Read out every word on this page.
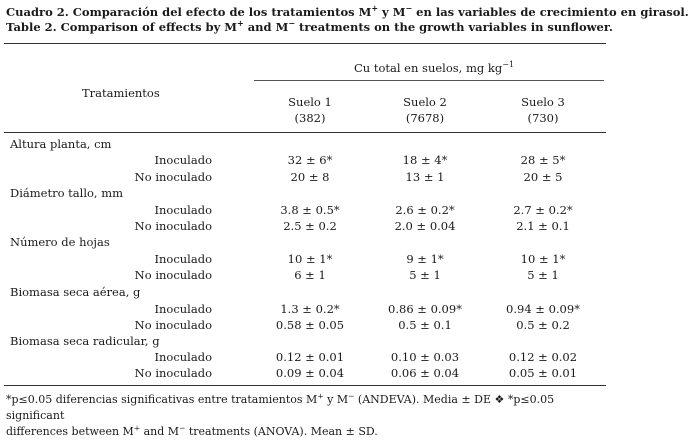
Cuadro 2. Comparación del efecto de los tratamientos M+ y M− en las variables de crecimiento en girasol.
Table 2. Comparison of effects by M+ and M− treatments on the growth variables in sunflower.
Cu total en suelos, mg $kg^{-1}$
Tratamientos
Suelo 1
(382)
Suelo 2
(7678)
Suelo 3
(730)
Altura planta, cm
Inoculado	32 ± 6*	18 ± 4*	28 ± 5*
No inoculado	20 ± 8	13 ± 1	20 ± 5
Diámetro tallo, mm
Inoculado	3.8 ± 0.5*	2.6 ± 0.2*	2.7 ± 0.2*
No inoculado	2.5 ± 0.2	2.0 ± 0.04	2.1 ± 0.1
Número de hojas
Inoculado	10 ± 1*	9 ± 1*	10 ± 1*
No inoculado	6 ± 1	5 ± 1	5 ± 1
Biomasa seca aérea, g
Inoculado	1.3 ± 0.2*	0.86 ± 0.09*	0.94 ± 0.09*
No inoculado	0.58 ± 0.05	0.5 ± 0.1	0.5 ± 0.2
Biomasa seca radicular, g
Inoculado	0.12 ± 0.01	0.10 ± 0.03	0.12 ± 0.02
No inoculado	0.09 ± 0.04	0.06 ± 0.04	0.05 ± 0.01
*p≤0.05 diferencias significativas entre tratamientos M+ y M− (ANDEVA). Media ± DE ❖ *p≤0.05 significant
differences between M+ and M− treatments (ANOVA). Mean ± SD.
